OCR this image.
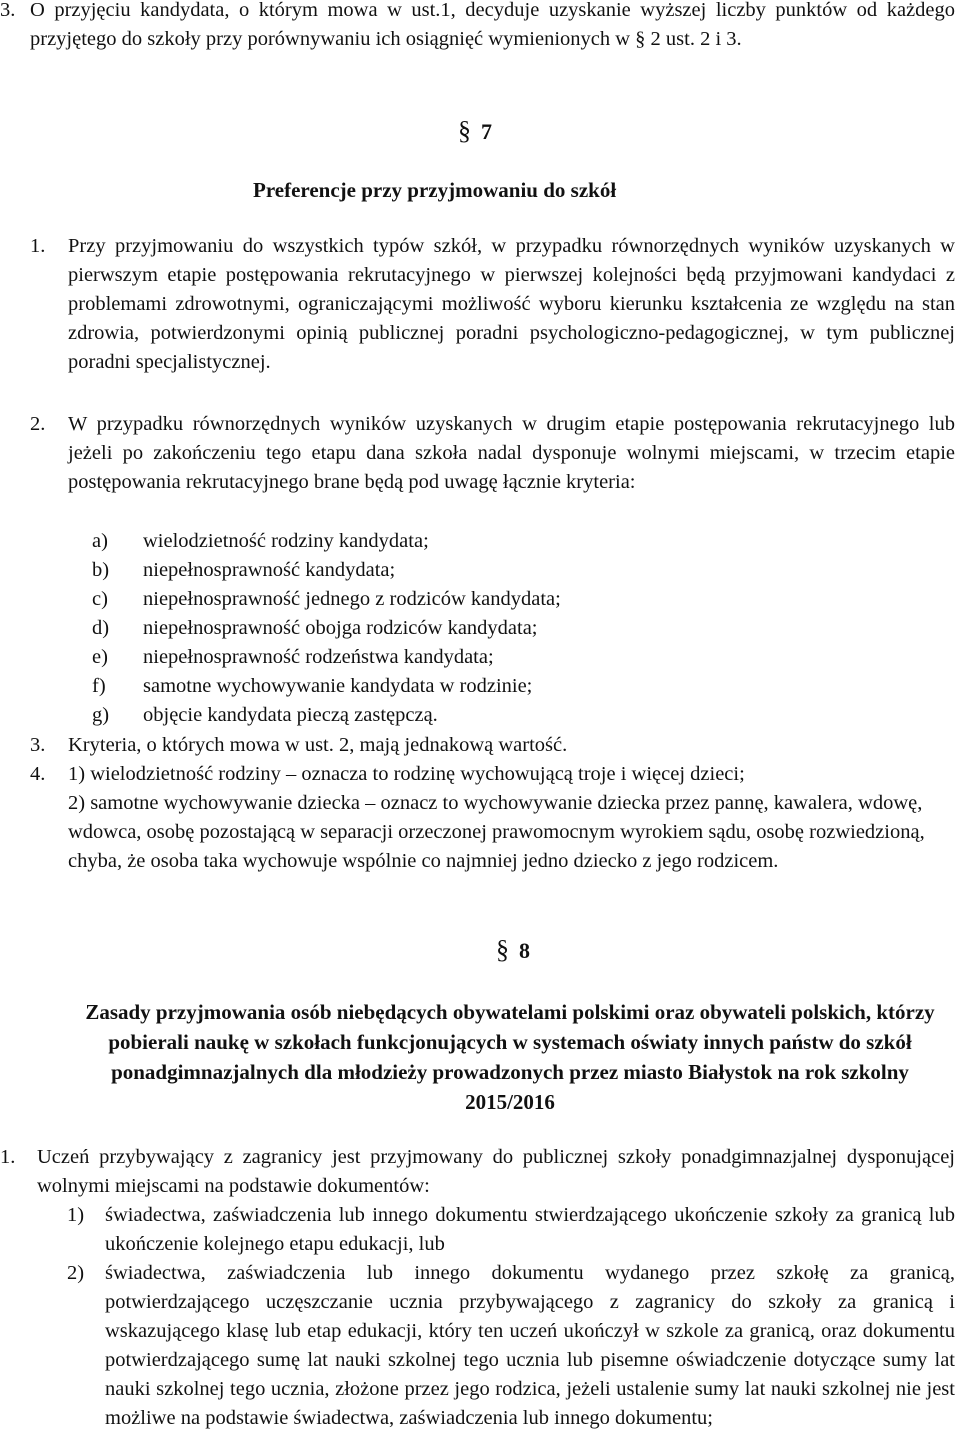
3. O przyjęciu kandydata, o którym mowa w ust.1, decyduje uzyskanie wyższej liczby punktów od każdego przyjętego do szkoły przy porównywaniu ich osiągnięć wymienionych w § 2 ust. 2 i 3.
§ 7
Preferencje przy przyjmowaniu do szkół
1. Przy przyjmowaniu do wszystkich typów szkół, w przypadku równorzędnych wyników uzyskanych w pierwszym etapie postępowania rekrutacyjnego w pierwszej kolejności będą przyjmowani kandydaci z problemami zdrowotnymi, ograniczającymi możliwość wyboru kierunku kształcenia ze względu na stan zdrowia, potwierdzonymi opinią publicznej poradni psychologiczno-pedagogicznej, w tym publicznej poradni specjalistycznej.
2. W przypadku równorzędnych wyników uzyskanych w drugim etapie postępowania rekrutacyjnego lub jeżeli po zakończeniu tego etapu dana szkoła nadal dysponuje wolnymi miejscami, w trzecim etapie postępowania rekrutacyjnego brane będą pod uwagę łącznie kryteria:
a) wielodzietność rodziny kandydata;
b) niepełnosprawność kandydata;
c) niepełnosprawność jednego z rodziców kandydata;
d) niepełnosprawność obojga rodziców kandydata;
e) niepełnosprawność rodzeństwa kandydata;
f) samotne wychowywanie kandydata w rodzinie;
g) objęcie kandydata pieczą zastępczą.
3. Kryteria, o których mowa w ust. 2, mają jednakową wartość.
4. 1) wielodzietność rodziny – oznacza to rodzinę wychowującą troje i więcej dzieci;
2) samotne wychowywanie dziecka – oznacz to wychowywanie dziecka przez pannę, kawalera, wdowę, wdowca, osobę pozostającą w separacji orzeczonej prawomocnym wyrokiem sądu, osobę rozwiedzioną, chyba, że osoba taka wychowuje wspólnie co najmniej jedno dziecko z jego rodzicem.
§ 8
Zasady przyjmowania osób niebędących obywatelami polskimi oraz obywateli polskich, którzy pobierali naukę w szkołach funkcjonujących w systemach oświaty innych państw do szkół ponadgimnazjalnych dla młodzieży prowadzonych przez miasto Białystok na rok szkolny 2015/2016
1. Uczeń przybywający z zagranicy jest przyjmowany do publicznej szkoły ponadgimnazjalnej dysponującej wolnymi miejscami na podstawie dokumentów:
1) świadectwa, zaświadczenia lub innego dokumentu stwierdzającego ukończenie szkoły za granicą lub ukończenie kolejnego etapu edukacji, lub
2) świadectwa, zaświadczenia lub innego dokumentu wydanego przez szkołę za granicą, potwierdzającego uczęszczanie ucznia przybywającego z zagranicy do szkoły za granicą i wskazującego klasę lub etap edukacji, który ten uczeń ukończył w szkole za granicą, oraz dokumentu potwierdzającego sumę lat nauki szkolnej tego ucznia lub pisemne oświadczenie dotyczące sumy lat nauki szkolnej tego ucznia, złożone przez jego rodzica, jeżeli ustalenie sumy lat nauki szkolnej nie jest możliwe na podstawie świadectwa, zaświadczenia lub innego dokumentu;
